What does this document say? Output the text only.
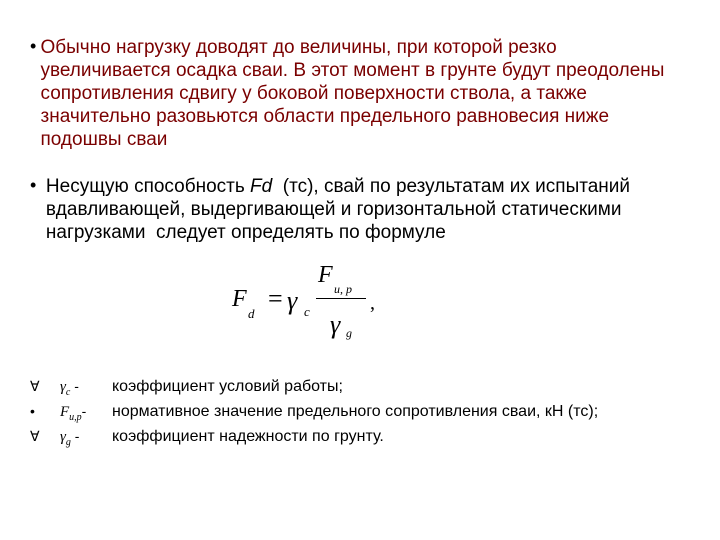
• Обычно нагрузку доводят до величины, при которой резко увеличивается осадка сваи. В этот момент в грунте будут преодолены сопротивления сдвигу у боковой поверхности ствола, а также значительно разовьются области предельного равновесия ниже подошвы сваи
• Несущую способность Fd  (тс), свай по результатам их испытаний вдавливающей, выдергивающей и горизонтальной статическими нагрузками  следует определять по формуле
F
d
= γ c
F
u, p
γ g
,
∀	$\gamma_c$ -	коэффициент условий работы;
•	$F_{u,p}-$	нормативное значение предельного сопротивления сваи, кН (тс);
∀	$\gamma_g$ -	коэффициент надежности по грунту.
